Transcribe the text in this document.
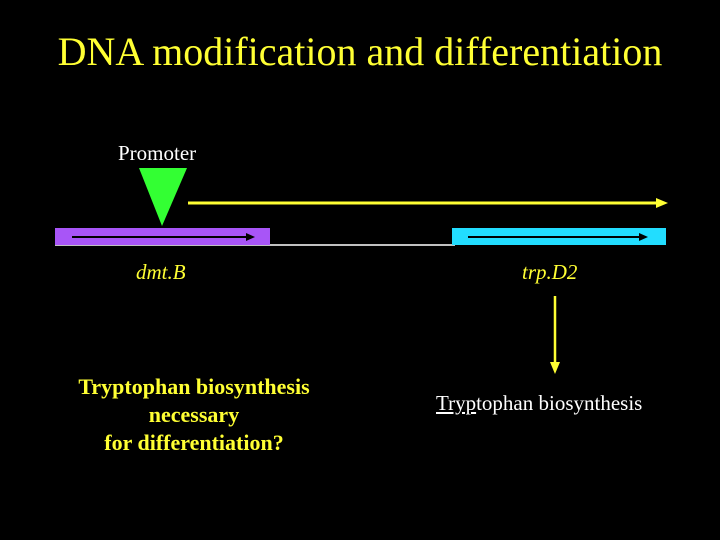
DNA modification and differentiation
Promoter
dmt.B	trp.D2
Tryptophan biosynthesis
necessary
for differentiation?
Tryptophan biosynthesis
